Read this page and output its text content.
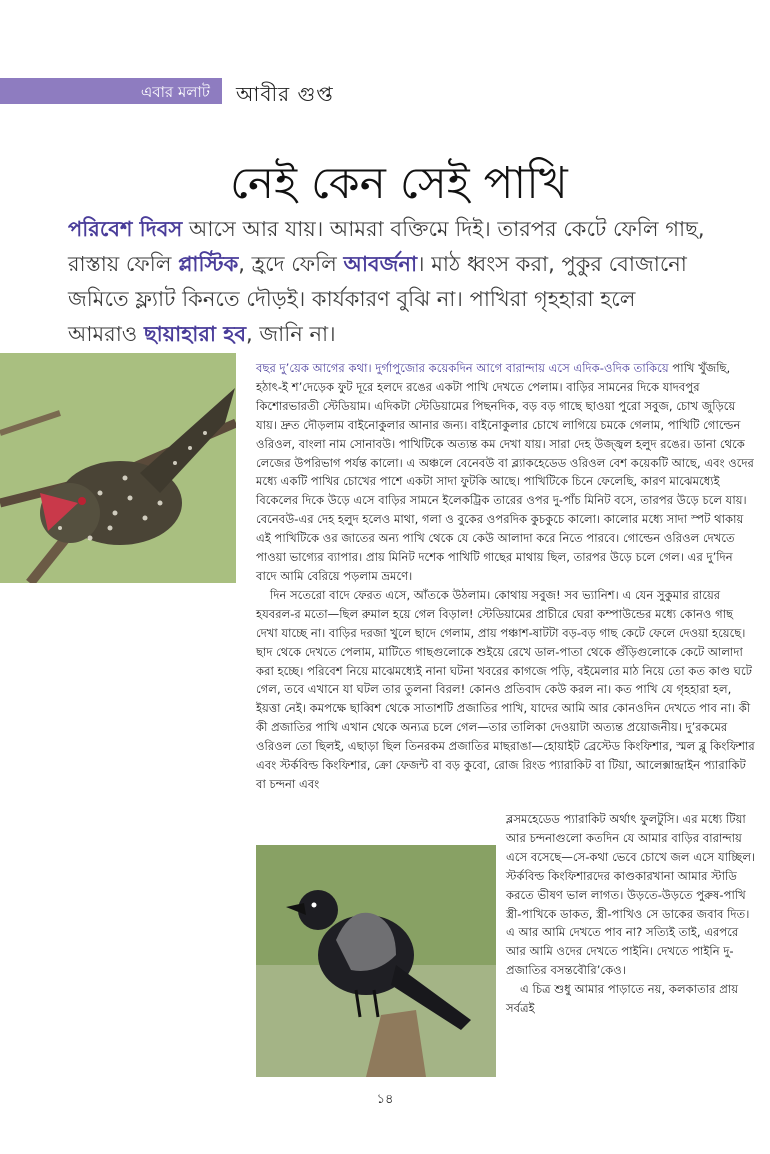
এবার মলাট আবীর গুপ্ত
নেই কেন সেই পাখি

পরিবেশ দিবস আসে আর যায়। আমরা বক্তিমে দিই। তারপর কেটে ফেলি গাছ, রাস্তায় ফেলি প্লাস্টিক, হ্রদে ফেলি আবর্জনা। মাঠ ধ্বংস করা, পুকুর বোজানো জমিতে ফ্ল্যাট কিনতে দৌড়ই। কার্যকারণ বুঝি না। পাখিরা গৃহহারা হলে আমরাও ছায়াহারা হব, জানি না।

বছর দু’য়েক আগের কথা। দুর্গাপুজোর কয়েকদিন আগে বারান্দায় এসে এদিক-ওদিক তাকিয়ে পাখি খুঁজছি, হঠাৎ-ই শ’দেড়েক ফুট দূরে হলদে রঙের একটা পাখি দেখতে পেলাম। বাড়ির সামনের দিকে যাদবপুর কিশোরভারতী স্টেডিয়াম। এদিকটা স্টেডিয়ামের পিছনদিক, বড় বড় গাছে ছাওয়া পুরো সবুজ, চোখ জুড়িয়ে যায়। দ্রুত দৌড়লাম বাইনোকুলার আনার জন্য। বাইনোকুলার চোখে লাগিয়ে চমকে গেলাম, পাখিটি গোল্ডেন ওরিওল, বাংলা নাম সোনাবউ। পাখিটিকে অত্যন্ত কম দেখা যায়। সারা দেহ উজ্জ্বল হলুদ রঙের। ডানা থেকে লেজের উপরিভাগ পর্যন্ত কালো। এ অঞ্চলে বেনেবউ বা ব্ল্যাকহেডেড ওরিওল বেশ কয়েকটি আছে, এবং ওদের মধ্যে একটি পাখির চোখের পাশে একটা সাদা ফুটকি আছে। পাখিটিকে চিনে ফেলেছি, কারণ মাঝেমধ্যেই বিকেলের দিকে উড়ে এসে বাড়ির সামনে ইলেকট্রিক তারের ওপর দু-পাঁচ মিনিট বসে, তারপর উড়ে চলে যায়। বেনেবউ-এর দেহ হলুদ হলেও মাথা, গলা ও বুকের ওপরদিক কুচকুচে কালো। কালোর মধ্যে সাদা স্পট থাকায় এই পাখিটিকে ওর জাতের অন্য পাখি থেকে যে কেউ আলাদা করে নিতে পারবে। গোল্ডেন ওরিওল দেখতে পাওয়া ভাগ্যের ব্যাপার। প্রায় মিনিট দশেক পাখিটি গাছের মাথায় ছিল, তারপর উড়ে চলে গেল। এর দু’দিন বাদে আমি বেরিয়ে পড়লাম ভ্রমণে।

দিন সতেরো বাদে ফেরত এসে, আঁতকে উঠলাম। কোথায় সবুজ! সব ভ্যানিশ। এ যেন সুকুমার রায়ের হযবরল-র মতো—ছিল রুমাল হয়ে গেল বিড়াল! স্টেডিয়ামের প্রাচীরে ঘেরা কম্পাউন্ডের মধ্যে কোনও গাছ দেখা যাচ্ছে না। বাড়ির দরজা খুলে ছাদে গেলাম, প্রায় পঞ্চাশ-ষাটটা বড়-বড় গাছ কেটে ফেলে দেওয়া হয়েছে। ছাদ থেকে দেখতে পেলাম, মাটিতে গাছগুলোকে শুইয়ে রেখে ডাল-পাতা থেকে গুঁড়িগুলোকে কেটে আলাদা করা হচ্ছে। পরিবেশ নিয়ে মাঝেমধ্যেই নানা ঘটনা খবরের কাগজে পড়ি, বইমেলার মাঠ নিয়ে তো কত কাণ্ড ঘটে গেল, তবে এখানে যা ঘটল তার তুলনা বিরল! কোনও প্রতিবাদ কেউ করল না। কত পাখি যে গৃহহারা হল, ইয়ত্তা নেই। কমপক্ষে ছাব্বিশ থেকে সাতাশটি প্রজাতির পাখি, যাদের আমি আর কোনওদিন দেখতে পাব না। কী কী প্রজাতির পাখি এখান থেকে অন্যত্র চলে গেল—তার তালিকা দেওয়াটা অত্যন্ত প্রয়োজনীয়। দু’রকমের ওরিওল তো ছিলই, এছাড়া ছিল তিনরকম প্রজাতির মাছরাঙা—হোয়াইট ব্রেস্টেড কিংফিশার, স্মল ব্লু কিংফিশার এবং স্টর্কবিল্ড কিংফিশার, ক্রো ফেজন্ট বা বড় কুবো, রোজ রিংড প্যারাকিট বা টিয়া, আলেক্সান্দ্রাইন প্যারাকিট বা চন্দনা এবং

ব্লসমহেডেড প্যারাকিট অর্থাৎ ফুলটুসি। এর মধ্যে টিয়া আর চন্দনাগুলো কতদিন যে আমার বাড়ির বারান্দায় এসে বসেছে—সে-কথা ভেবে চোখে জল এসে যাচ্ছিল। স্টর্কবিল্ড কিংফিশারদের কাণ্ডকারখানা আমার স্টাডি করতে ভীষণ ভাল লাগত। উড়তে-উড়তে পুরুষ-পাখি স্ত্রী-পাখিকে ডাকত, স্ত্রী-পাখিও সে ডাকের জবাব দিত। এ আর আমি দেখতে পাব না? সত্যিই তাই, এরপরে আর আমি ওদের দেখতে পাইনি। দেখতে পাইনি দু-প্রজাতির বসন্তবৌরি’কেও।

এ চিত্র শুধু আমার পাড়াতে নয়, কলকাতার প্রায় সর্বত্রই

১৪
